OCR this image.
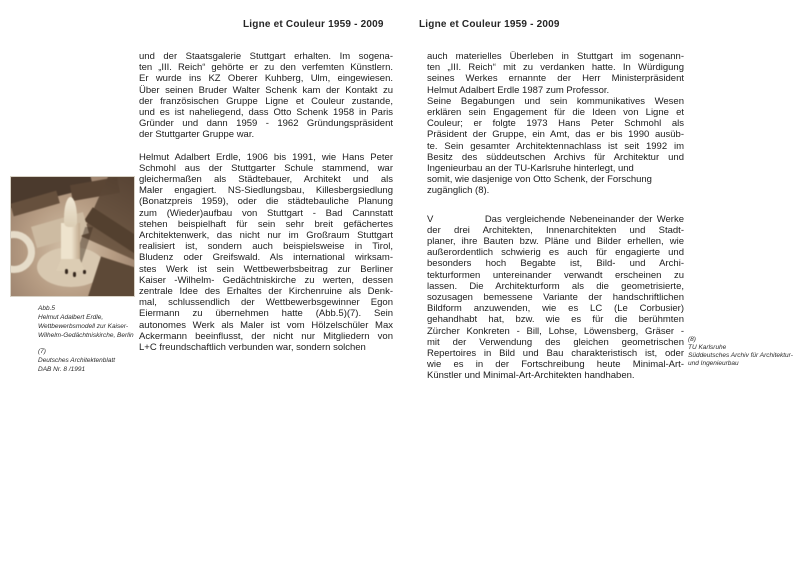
Ligne et Couleur 1959 - 2009	Ligne et Couleur 1959 - 2009
und der Staatsgalerie Stuttgart erhalten. Im sogena-
ten „III. Reich“ gehörte er zu den verfemten Künstlern.
Er wurde ins KZ Oberer Kuhberg, Ulm, eingewiesen.
Über seinen Bruder Walter Schenk kam der Kontakt zu
der französischen Gruppe Ligne et Couleur zustande,
und es ist naheliegend, dass Otto Schenk 1958 in Paris
Gründer und dann 1959 - 1962 Gründungspräsident
der Stuttgarter Gruppe war.
Helmut Adalbert Erdle, 1906 bis 1991, wie Hans Peter
Schmohl aus der Stuttgarter Schule stammend, war
gleichermaßen als Städtebauer, Architekt und als
Maler engagiert. NS-Siedlungsbau, Killesbergsiedlung
(Bonatzpreis 1959), oder die städtebauliche Planung
zum (Wieder)aufbau von Stuttgart - Bad Cannstatt
stehen beispielhaft für sein sehr breit gefächertes
Architektenwerk, das nicht nur im Großraum Stuttgart
realisiert ist, sondern auch beispielsweise in Tirol,
Bludenz oder Greifswald. Als international wirksam-
stes Werk ist sein Wettbewerbsbeitrag zur Berliner
Kaiser -Wilhelm- Gedächtniskirche zu werten, dessen
zentrale Idee des Erhaltes der Kirchenruine als Denk-
mal, schlussendlich der Wettbewerbsgewinner Egon
Eiermann zu übernehmen hatte (Abb.5)(7). Sein
autonomes Werk als Maler ist vom Hölzelschüler Max
Ackermann beeinflusst, der nicht nur Mitgliedern von
L+C freundschaftlich verbunden war, sondern solchen
auch materielles Überleben in Stuttgart im sogenann-
ten „III. Reich“ mit zu verdanken hatte. In Würdigung
seines Werkes ernannte der Herr Ministerpräsident
Helmut Adalbert Erdle 1987 zum Professor.
Seine Begabungen und sein kommunikatives Wesen
erklären sein Engagement für die Ideen von Ligne et
Couleur; er folgte 1973 Hans Peter Schmohl als
Präsident der Gruppe, ein Amt, das er bis 1990 ausüb-
te. Sein gesamter Architektennachlass ist seit 1992 im
Besitz des süddeutschen Archivs für Architektur und
Ingenieurbau an der TU-Karlsruhe hinterlegt, und
somit, wie dasjenige von Otto Schenk, der Forschung
zugänglich (8).
V            Das vergleichende Nebeneinander der Werke
der drei Architekten, Innenarchitekten und Stadt-
planer, ihre Bauten bzw. Pläne und Bilder erhellen, wie
außerordentlich schwierig es auch für engagierte und
besonders hoch Begabte ist, Bild- und Archi-
tekturformen untereinander verwandt erscheinen zu
lassen. Die Architekturform als die geometrisierte,
sozusagen bemessene Variante der handschriftlichen
Bildform anzuwenden, wie es LC (Le Corbusier)
gehandhabt hat, bzw. wie es für die berühmten
Zürcher Konkreten - Bill, Lohse, Löwensberg, Gräser -
mit der Verwendung des gleichen geometrischen
Repertoires in Bild und Bau charakteristisch ist, oder
wie es in der Fortschreibung heute Minimal-Art-
Künstler und Minimal-Art-Architekten handhaben.
Abb.5
Helmut Adalbert Erdle,
Wettbewerbsmodell zur Kaiser-
Wilhelm-Gedächtniskirche, Berlin
(7)
Deutsches Architektenblatt
DAB Nr. 8 /1991
(8)
TU Karlsruhe
Süddeutsches Archiv für Architektur-
und Ingenieurbau
